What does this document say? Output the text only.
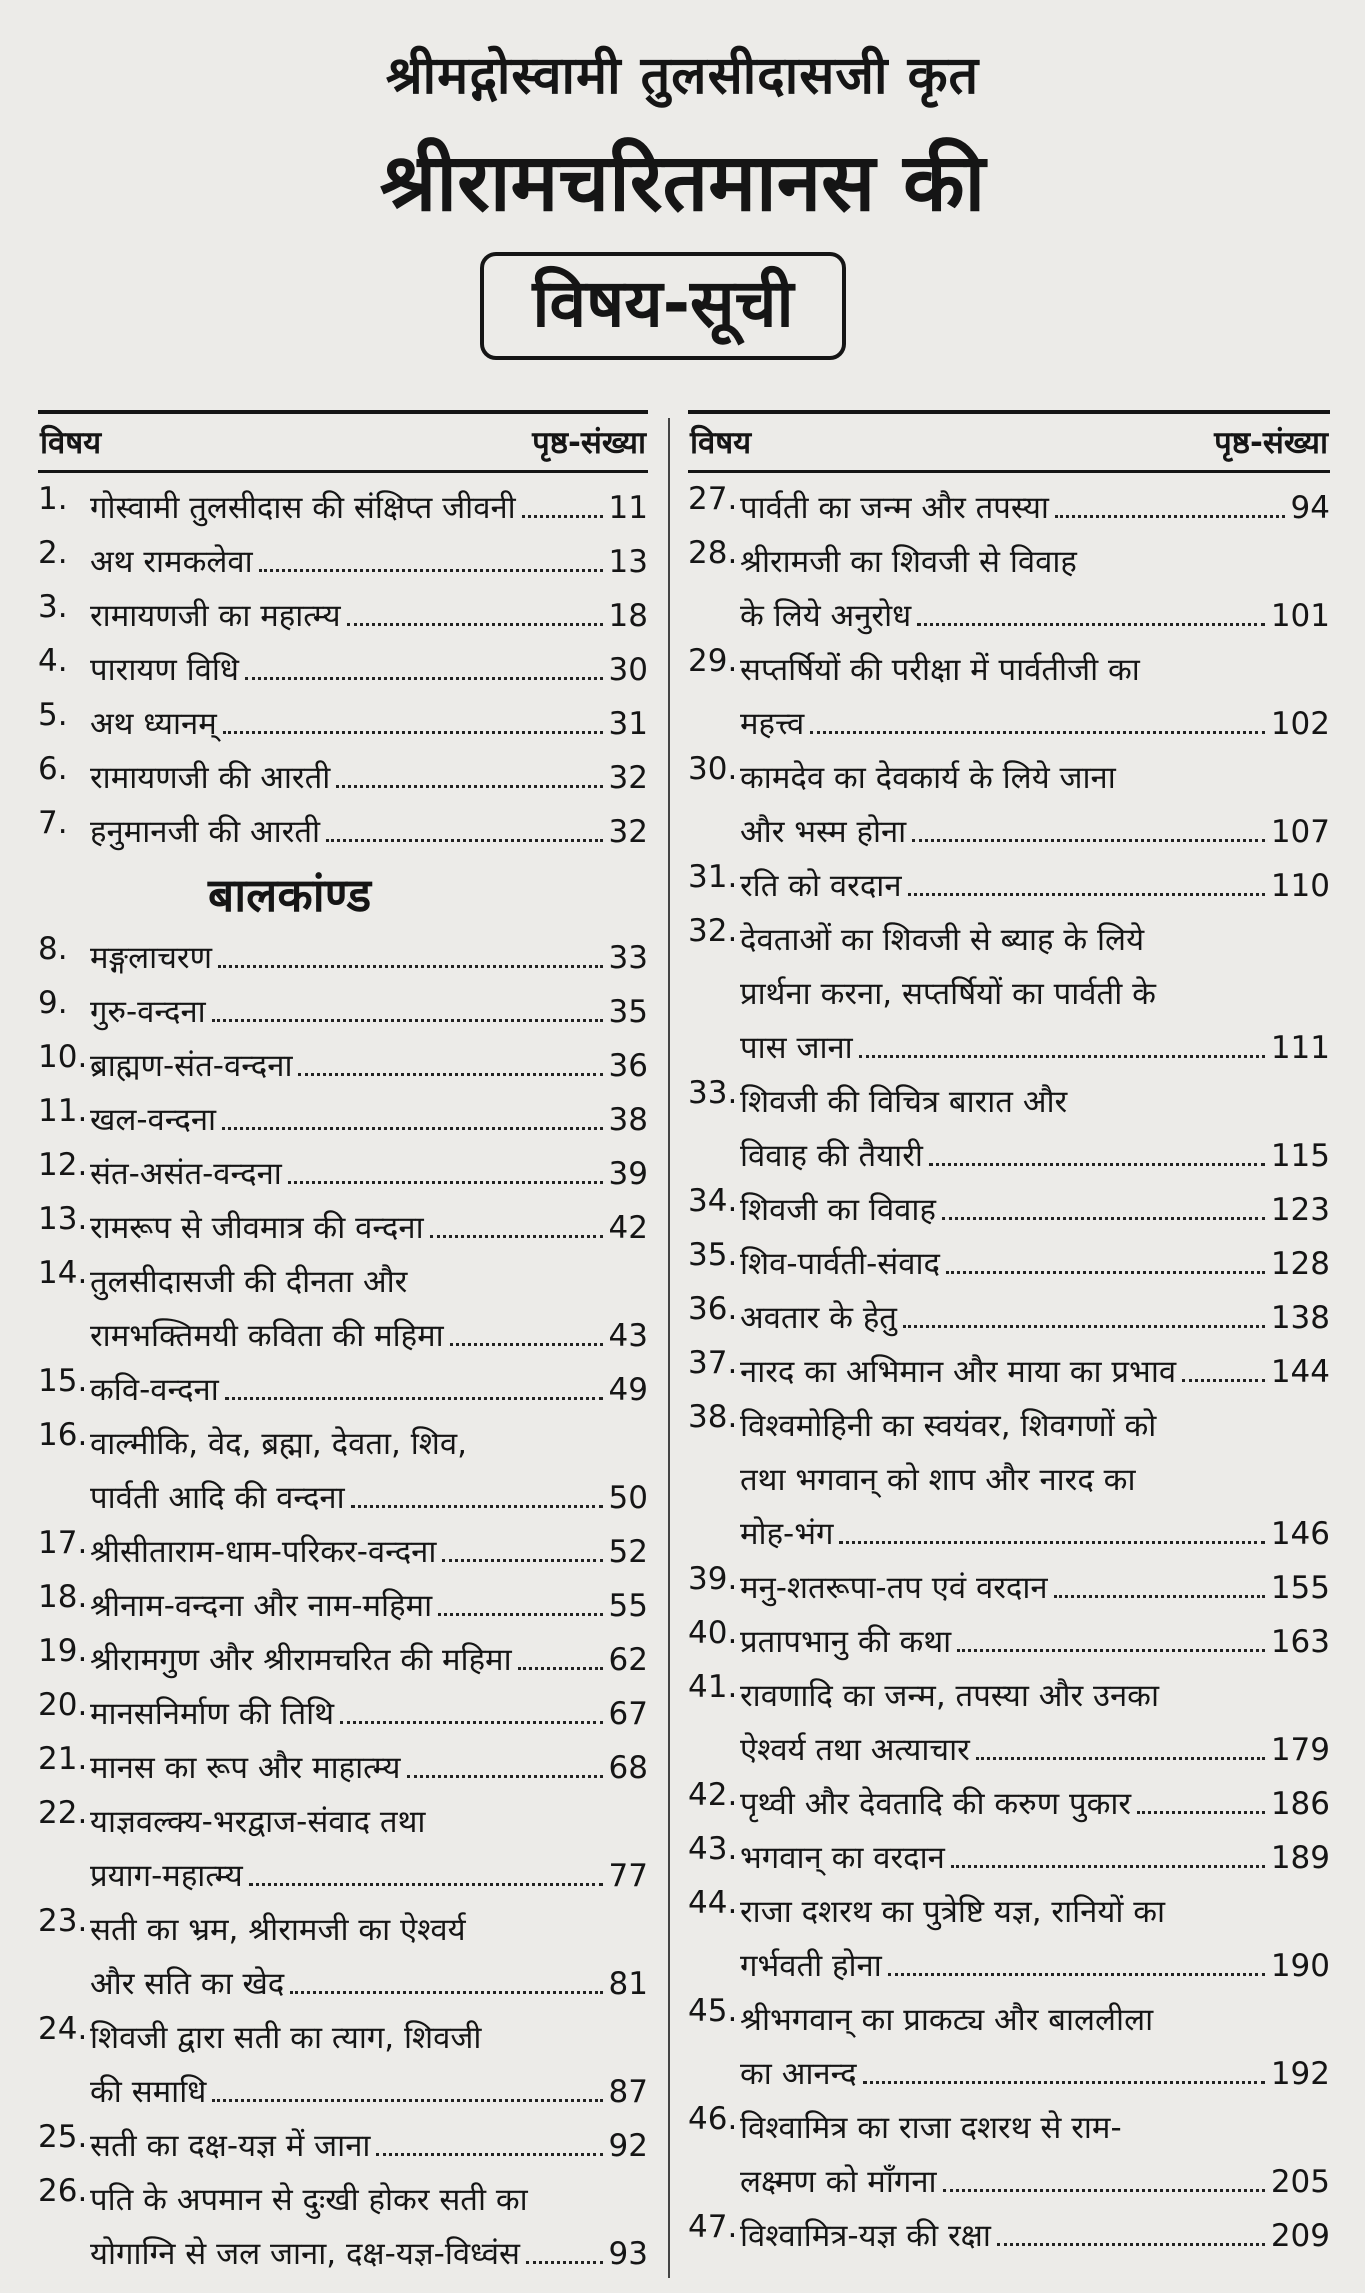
श्रीमद्गोस्वामी तुलसीदासजी कृत
श्रीरामचरितमानस की
विषय-सूची
विषय	पृष्ठ-संख्या
1. गोस्वामी तुलसीदास की संक्षिप्त जीवनी	11
2. अथ रामकलेवा	13
3. रामायणजी का महात्म्य	18
4. पारायण विधि	30
5. अथ ध्यानम्	31
6. रामायणजी की आरती	32
7. हनुमानजी की आरती	32
बालकांण्ड
8. मङ्गलाचरण	33
9. गुरु-वन्दना	35
10. ब्राह्मण-संत-वन्दना	36
11. खल-वन्दना	38
12. संत-असंत-वन्दना	39
13. रामरूप से जीवमात्र की वन्दना	42
14. तुलसीदासजी की दीनता और
रामभक्तिमयी कविता की महिमा	43
15. कवि-वन्दना	49
16. वाल्मीकि, वेद, ब्रह्मा, देवता, शिव,
पार्वती आदि की वन्दना	50
17. श्रीसीताराम-धाम-परिकर-वन्दना	52
18. श्रीनाम-वन्दना और नाम-महिमा	55
19. श्रीरामगुण और श्रीरामचरित की महिमा	62
20. मानसनिर्माण की तिथि	67
21. मानस का रूप और माहात्म्य	68
22. याज्ञवल्क्य-भरद्वाज-संवाद तथा
प्रयाग-महात्म्य	77
23. सती का भ्रम, श्रीरामजी का ऐश्वर्य
और सति का खेद	81
24. शिवजी द्वारा सती का त्याग, शिवजी
की समाधि	87
25. सती का दक्ष-यज्ञ में जाना	92
26. पति के अपमान से दुःखी होकर सती का
योगाग्नि से जल जाना, दक्ष-यज्ञ-विध्वंस	93
विषय	पृष्ठ-संख्या
27. पार्वती का जन्म और तपस्या	94
28. श्रीरामजी का शिवजी से विवाह
के लिये अनुरोध	101
29. सप्तर्षियों की परीक्षा में पार्वतीजी का
महत्त्व	102
30. कामदेव का देवकार्य के लिये जाना
और भस्म होना	107
31. रति को वरदान	110
32. देवताओं का शिवजी से ब्याह के लिये
प्रार्थना करना, सप्तर्षियों का पार्वती के
पास जाना	111
33. शिवजी की विचित्र बारात और
विवाह की तैयारी	115
34. शिवजी का विवाह	123
35. शिव-पार्वती-संवाद	128
36. अवतार के हेतु	138
37. नारद का अभिमान और माया का प्रभाव	144
38. विश्वमोहिनी का स्वयंवर, शिवगणों को
तथा भगवान् को शाप और नारद का
मोह-भंग	146
39. मनु-शतरूपा-तप एवं वरदान	155
40. प्रतापभानु की कथा	163
41. रावणादि का जन्म, तपस्या और उनका
ऐश्वर्य तथा अत्याचार	179
42. पृथ्वी और देवतादि की करुण पुकार	186
43. भगवान् का वरदान	189
44. राजा दशरथ का पुत्रेष्टि यज्ञ, रानियों का
गर्भवती होना	190
45. श्रीभगवान् का प्राकट्य और बाललीला
का आनन्द	192
46. विश्वामित्र का राजा दशरथ से राम-
लक्ष्मण को माँगना	205
47. विश्वामित्र-यज्ञ की रक्षा	209
